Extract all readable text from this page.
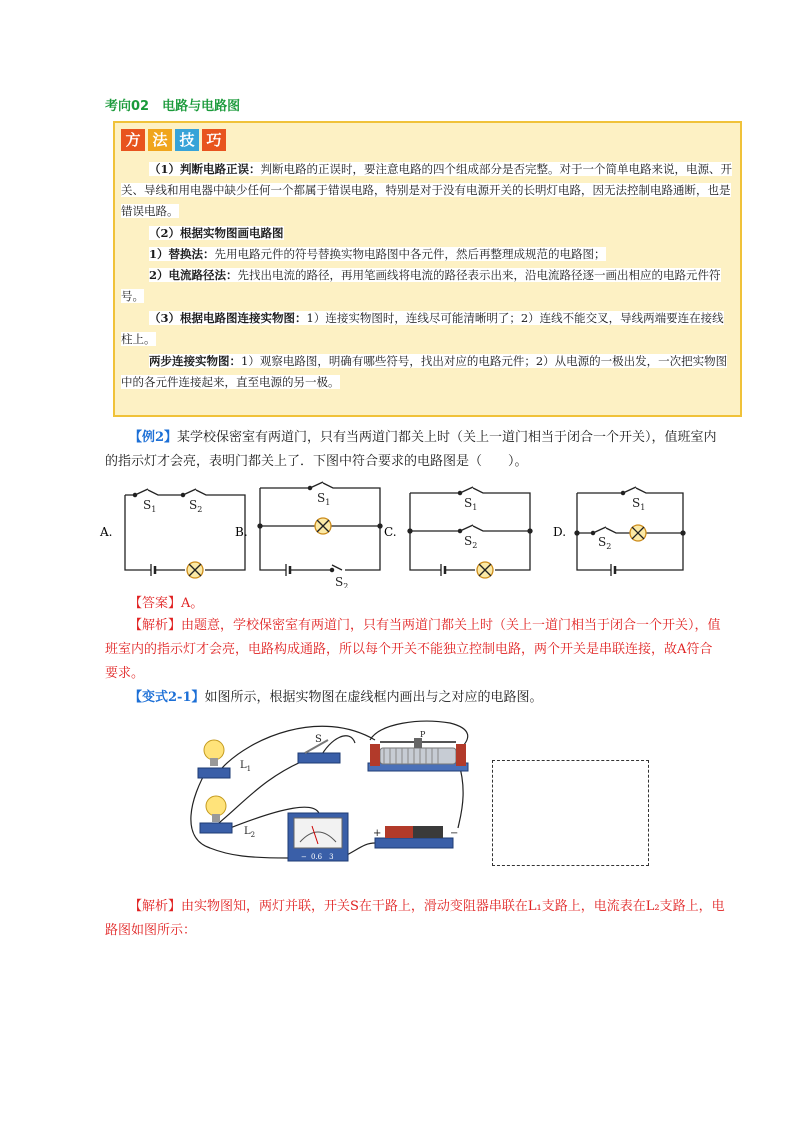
考向02　电路与电路图
方 法 技 巧
（1）判断电路正误：判断电路的正误时，要注意电路的四个组成部分是否完整。对于一个简单电路来说，电源、开关、导线和用电器中缺少任何一个都属于错误电路，特别是对于没有电源开关的长明灯电路，因无法控制电路通断，也是错误电路。
（2）根据实物图画电路图
1）替换法：先用电路元件的符号替换实物电路图中各元件，然后再整理成规范的电路图；
2）电流路径法：先找出电流的路径，再用笔画线将电流的路径表示出来，沿电流路径逐一画出相应的电路元件符号。
（3）根据电路图连接实物图：1）连接实物图时，连线尽可能清晰明了；2）连线不能交叉，导线两端要连在接线柱上。
两步连接实物图：1）观察电路图，明确有哪些符号，找出对应的电路元件；2）从电源的一极出发，一次把实物图中的各元件连接起来，直至电源的另一极。
【例2】某学校保密室有两道门，只有当两道门都关上时（关上一道门相当于闭合一个开关），值班室内的指示灯才会亮，表明门都关上了．下图中符合要求的电路图是（　　）。
A.	B.	C.	D.
$S_1$	$S_2$
$S_1$
$S_2$
$S_1$
$S_2$
$S_1$
$S_2$
【答案】A。
【解析】由题意，学校保密室有两道门，只有当两道门都关上时（关上一道门相当于闭合一个开关），值班室内的指示灯才会亮，电路构成通路，所以每个开关不能独立控制电路，两个开关是串联连接，故A符合要求。
【变式2-1】如图所示，根据实物图在虚线框内画出与之对应的电路图。
$L_1$
$L_2$
S	P
− 0.6　3
+	−
【解析】由实物图知，两灯并联，开关S在干路上，滑动变阻器串联在L₁支路上，电流表在L₂支路上，电路图如图所示：
